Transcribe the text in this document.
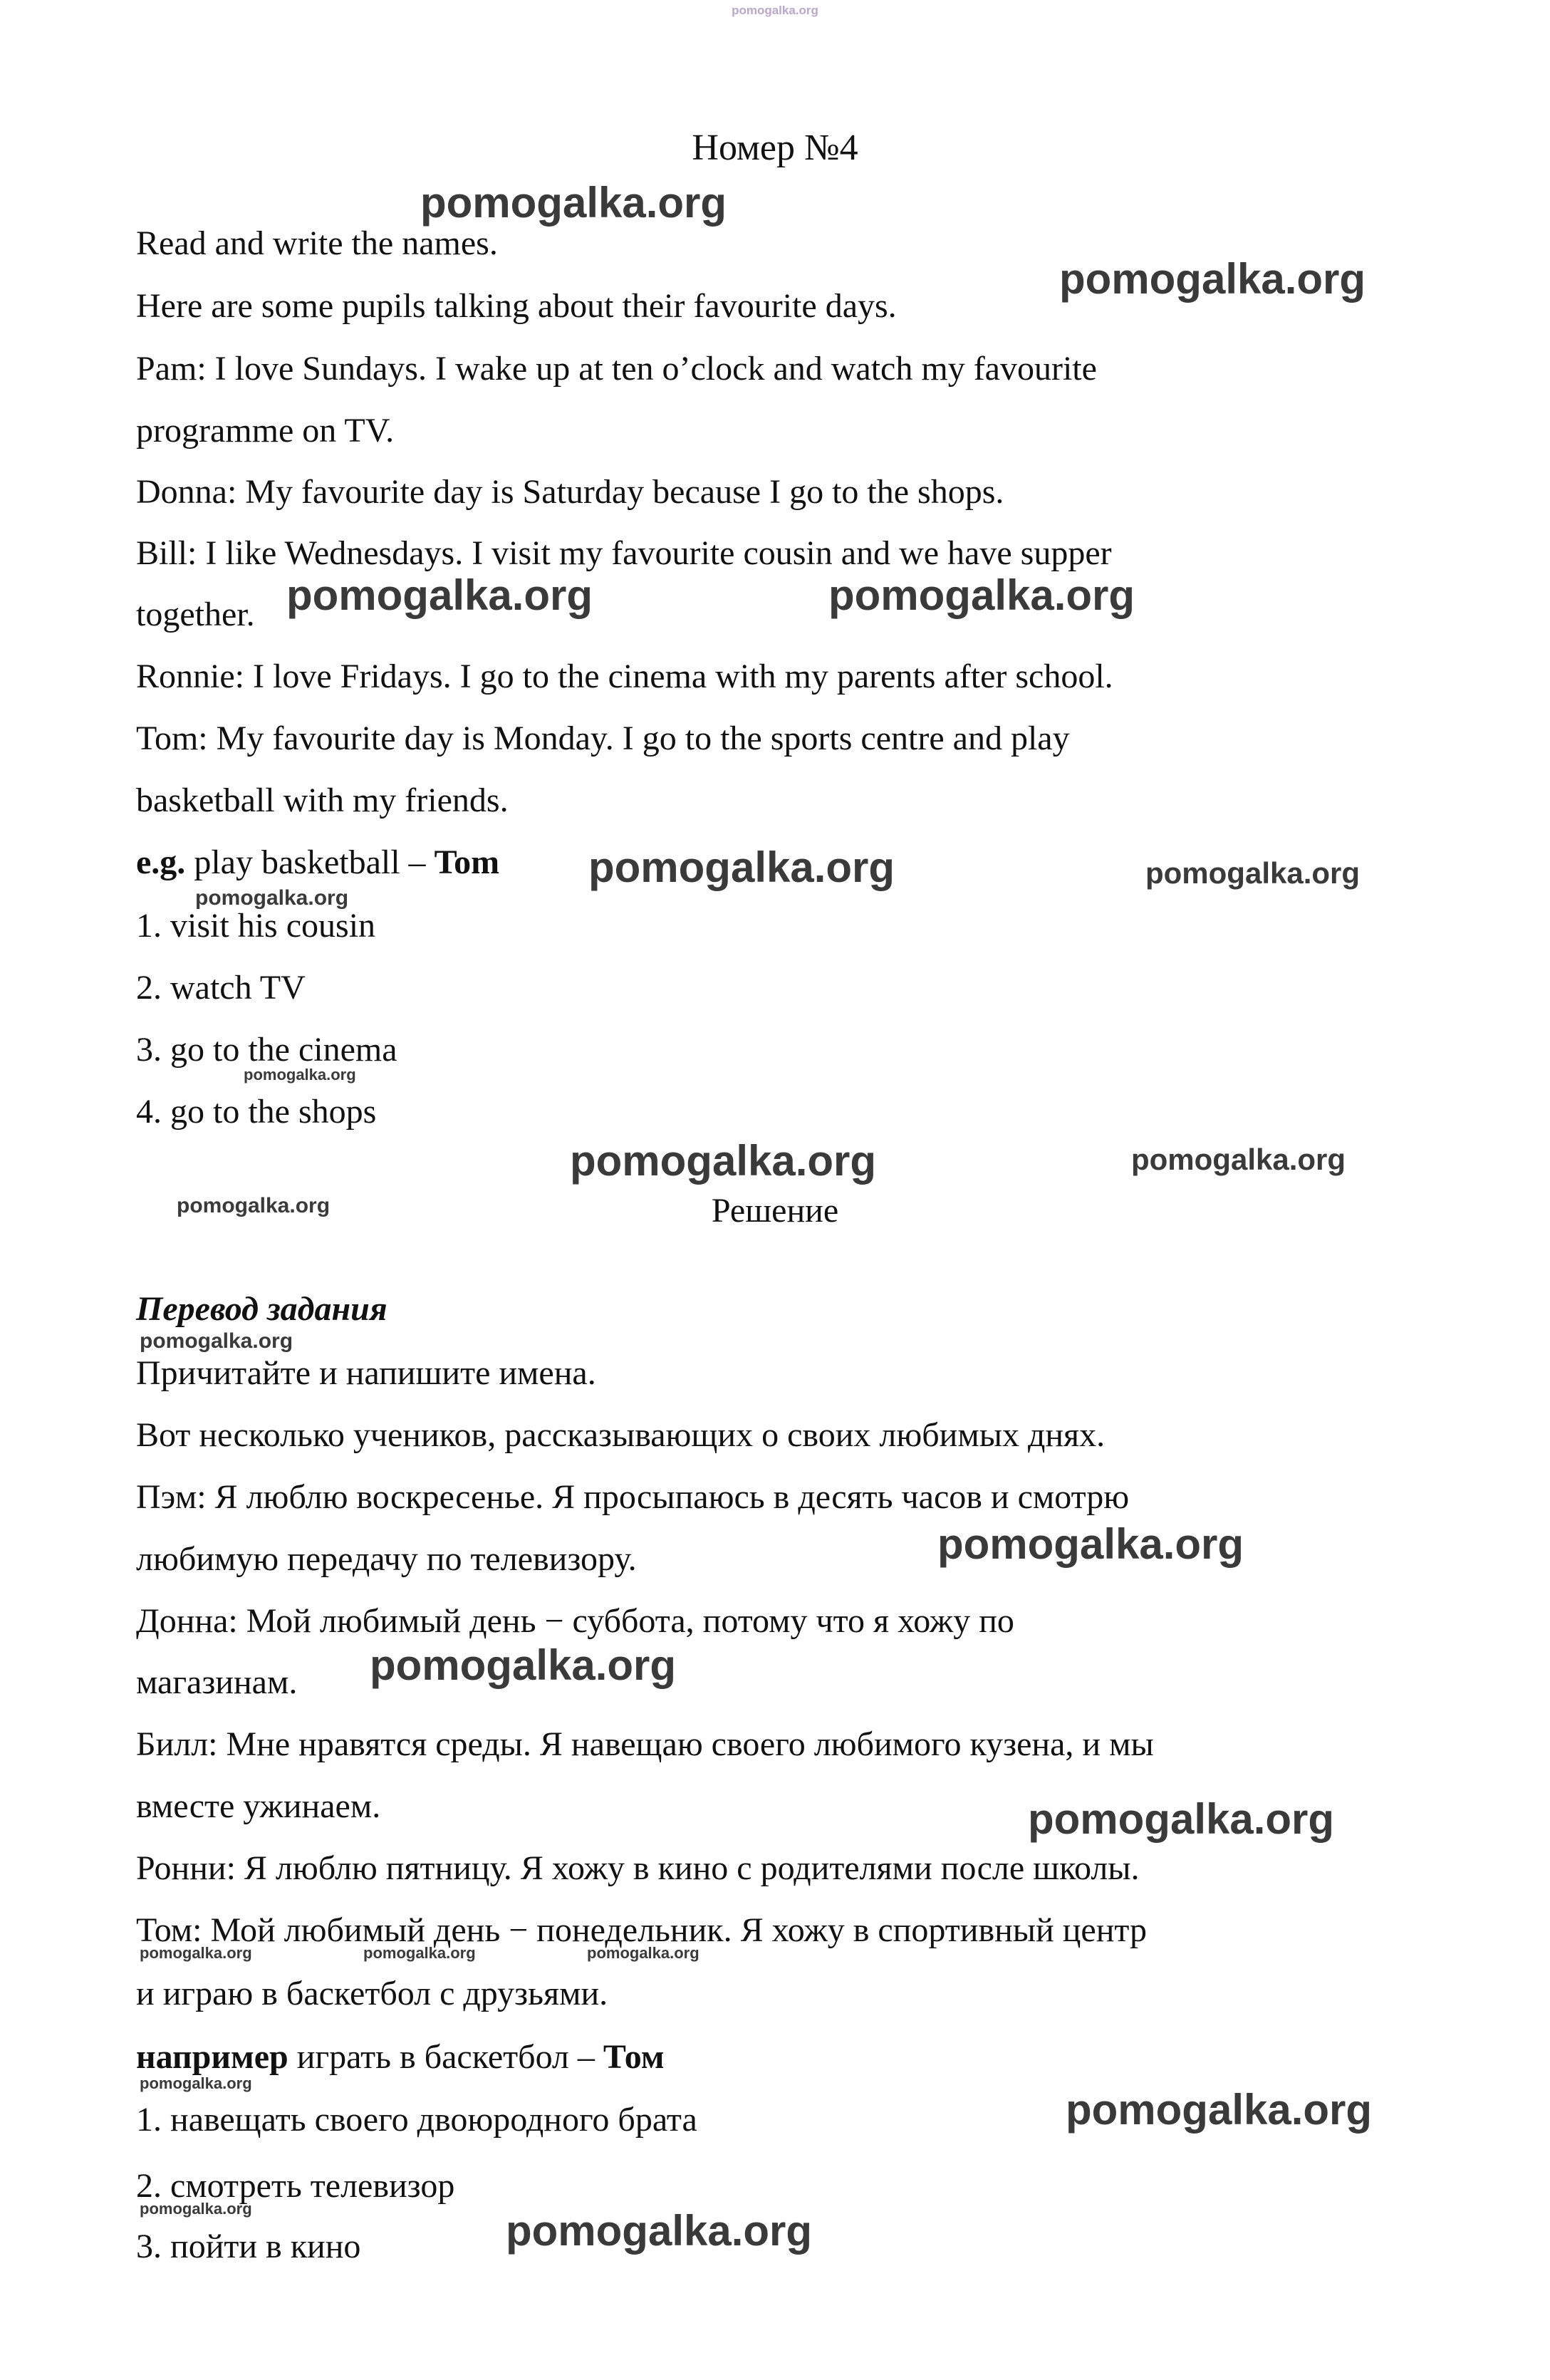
pomogalka.org
pomogalka.org
pomogalka.org
pomogalka.org	pomogalka.org
pomogalka.org	pomogalka.org
pomogalka.org
pomogalka.org
pomogalka.org	pomogalka.org
pomogalka.org
pomogalka.org
pomogalka.org
pomogalka.org
pomogalka.org
pomogalka.org	pomogalka.org	pomogalka.org
pomogalka.org
pomogalka.org
pomogalka.org	pomogalka.org
Номер №4
Read and write the names.
Here are some pupils talking about their favourite days.
Pam: I love Sundays. I wake up at ten o’clock and watch my favourite
programme on TV.
Donna: My favourite day is Saturday because I go to the shops.
Bill: I like Wednesdays. I visit my favourite cousin and we have supper
together.
Ronnie: I love Fridays. I go to the cinema with my parents after school.
Tom: My favourite day is Monday. I go to the sports centre and play
basketball with my friends.
e.g. play basketball – Tom
1. visit his cousin
2. watch TV
3. go to the cinema
4. go to the shops
Решение
Перевод задания
Причитайте и напишите имена.
Вот несколько учеников, рассказывающих о своих любимых днях.
Пэм: Я люблю воскресенье. Я просыпаюсь в десять часов и смотрю
любимую передачу по телевизору.
Донна: Мой любимый день − суббота, потому что я хожу по
магазинам.
Билл: Мне нравятся среды. Я навещаю своего любимого кузена, и мы
вместе ужинаем.
Ронни: Я люблю пятницу. Я хожу в кино с родителями после школы.
Том: Мой любимый день − понедельник. Я хожу в спортивный центр
и играю в баскетбол с друзьями.
например играть в баскетбол – Том
1. навещать своего двоюродного брата
2. смотреть телевизор
3. пойти в кино
